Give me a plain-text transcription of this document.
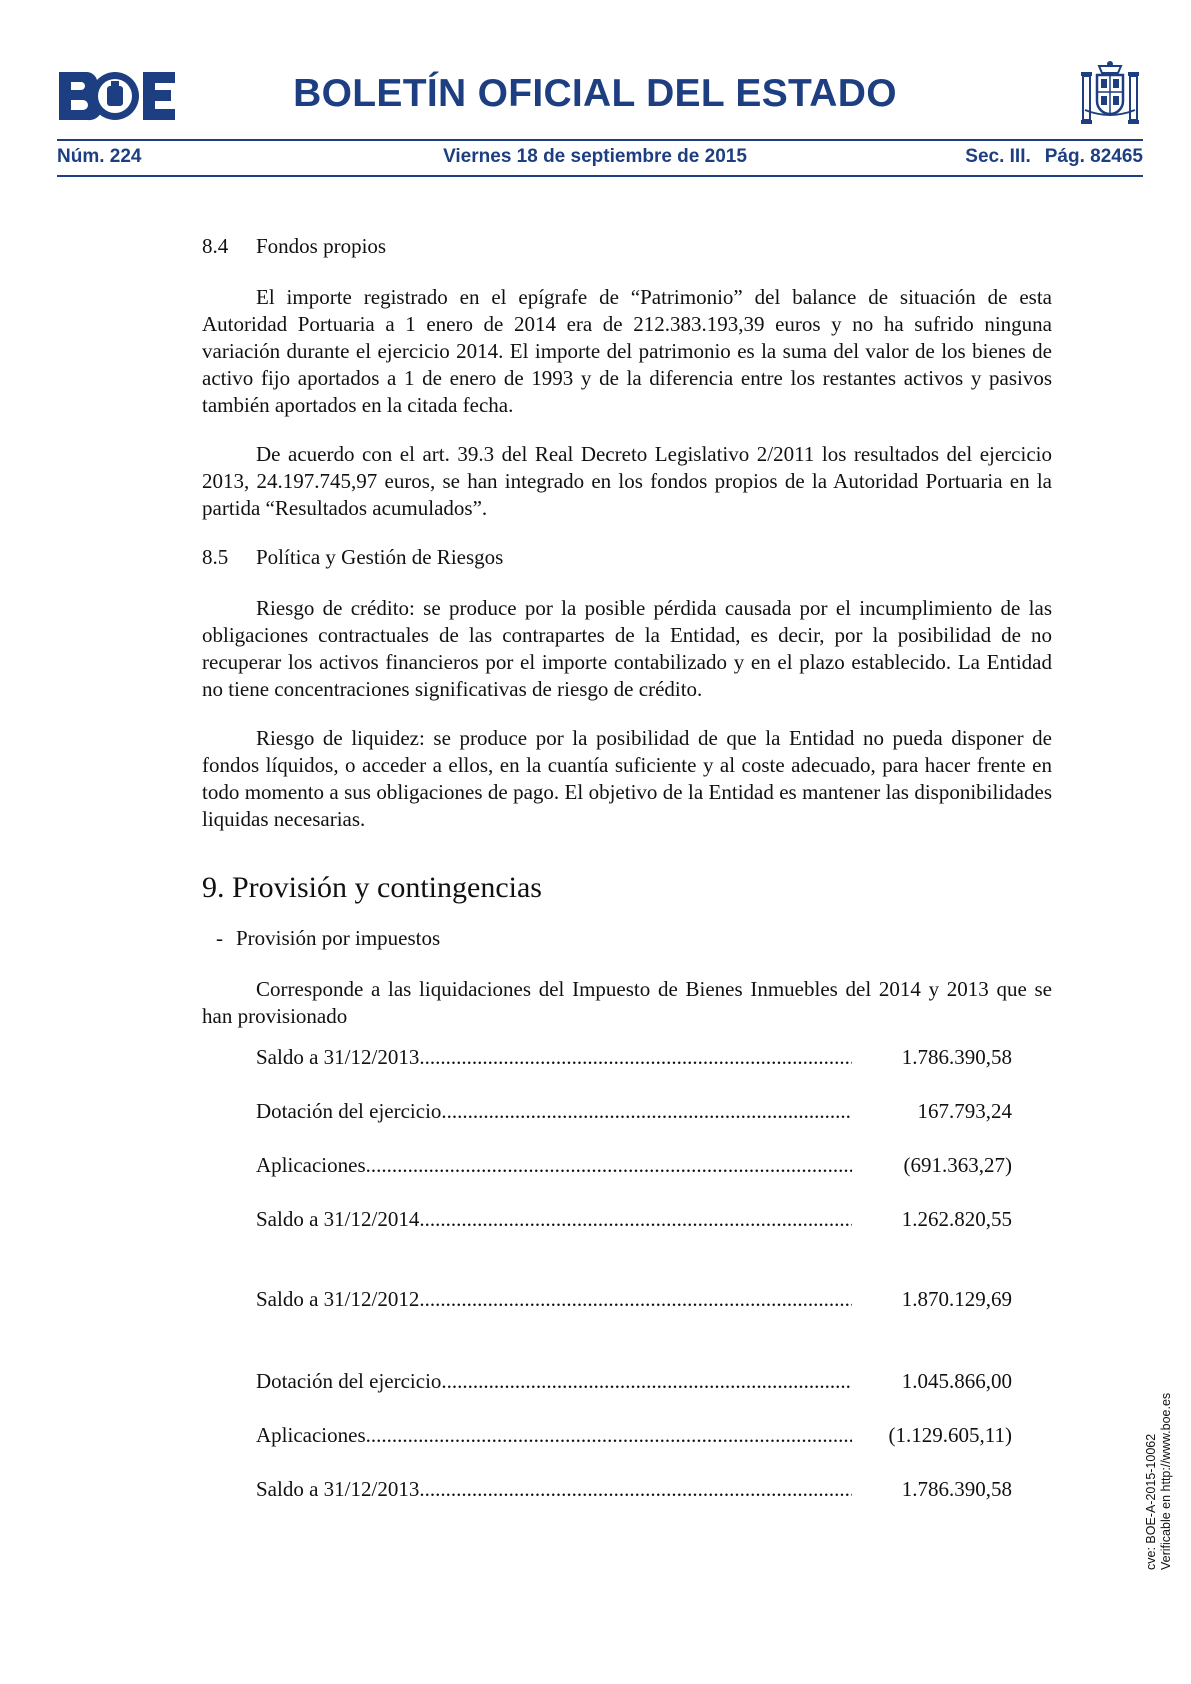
BOLETÍN OFICIAL DEL ESTADO
Núm. 224	Viernes 18 de septiembre de 2015	Sec. III. Pág. 82465
8.4 Fondos propios

El importe registrado en el epígrafe de “Patrimonio” del balance de situación de esta Autoridad Portuaria a 1 enero de 2014 era de 212.383.193,39 euros y no ha sufrido ninguna variación durante el ejercicio 2014. El importe del patrimonio es la suma del valor de los bienes de activo fijo aportados a 1 de enero de 1993 y de la diferencia entre los restantes activos y pasivos también aportados en la citada fecha.

De acuerdo con el art. 39.3 del Real Decreto Legislativo 2/2011 los resultados del ejercicio 2013, 24.197.745,97 euros, se han integrado en los fondos propios de la Autoridad Portuaria en la partida “Resultados acumulados”.

8.5 Política y Gestión de Riesgos

Riesgo de crédito: se produce por la posible pérdida causada por el incumplimiento de las obligaciones contractuales de las contrapartes de la Entidad, es decir, por la posibilidad de no recuperar los activos financieros por el importe contabilizado y en el plazo establecido. La Entidad no tiene concentraciones significativas de riesgo de crédito.

Riesgo de liquidez: se produce por la posibilidad de que la Entidad no pueda disponer de fondos líquidos, o acceder a ellos, en la cuantía suficiente y al coste adecuado, para hacer frente en todo momento a sus obligaciones de pago. El objetivo de la Entidad es mantener las disponibilidades liquidas necesarias.

9. Provisión y contingencias
- Provisión por impuestos

Corresponde a las liquidaciones del Impuesto de Bienes Inmuebles del 2014 y 2013 que se han provisionado

Saldo a 31/12/2013 .....	1.786.390,58
Dotación del ejercicio .....	167.793,24
Aplicaciones .....	(691.363,27)
Saldo a 31/12/2014 .....	1.262.820,55
Saldo a 31/12/2012 .....	1.870.129,69
Dotación del ejercicio .....	1.045.866,00
Aplicaciones .....	(1.129.605,11)
Saldo a 31/12/2013 .....	1.786.390,58	cve: BOE-A-2015-10062 Verificable en http://www.boe.es
